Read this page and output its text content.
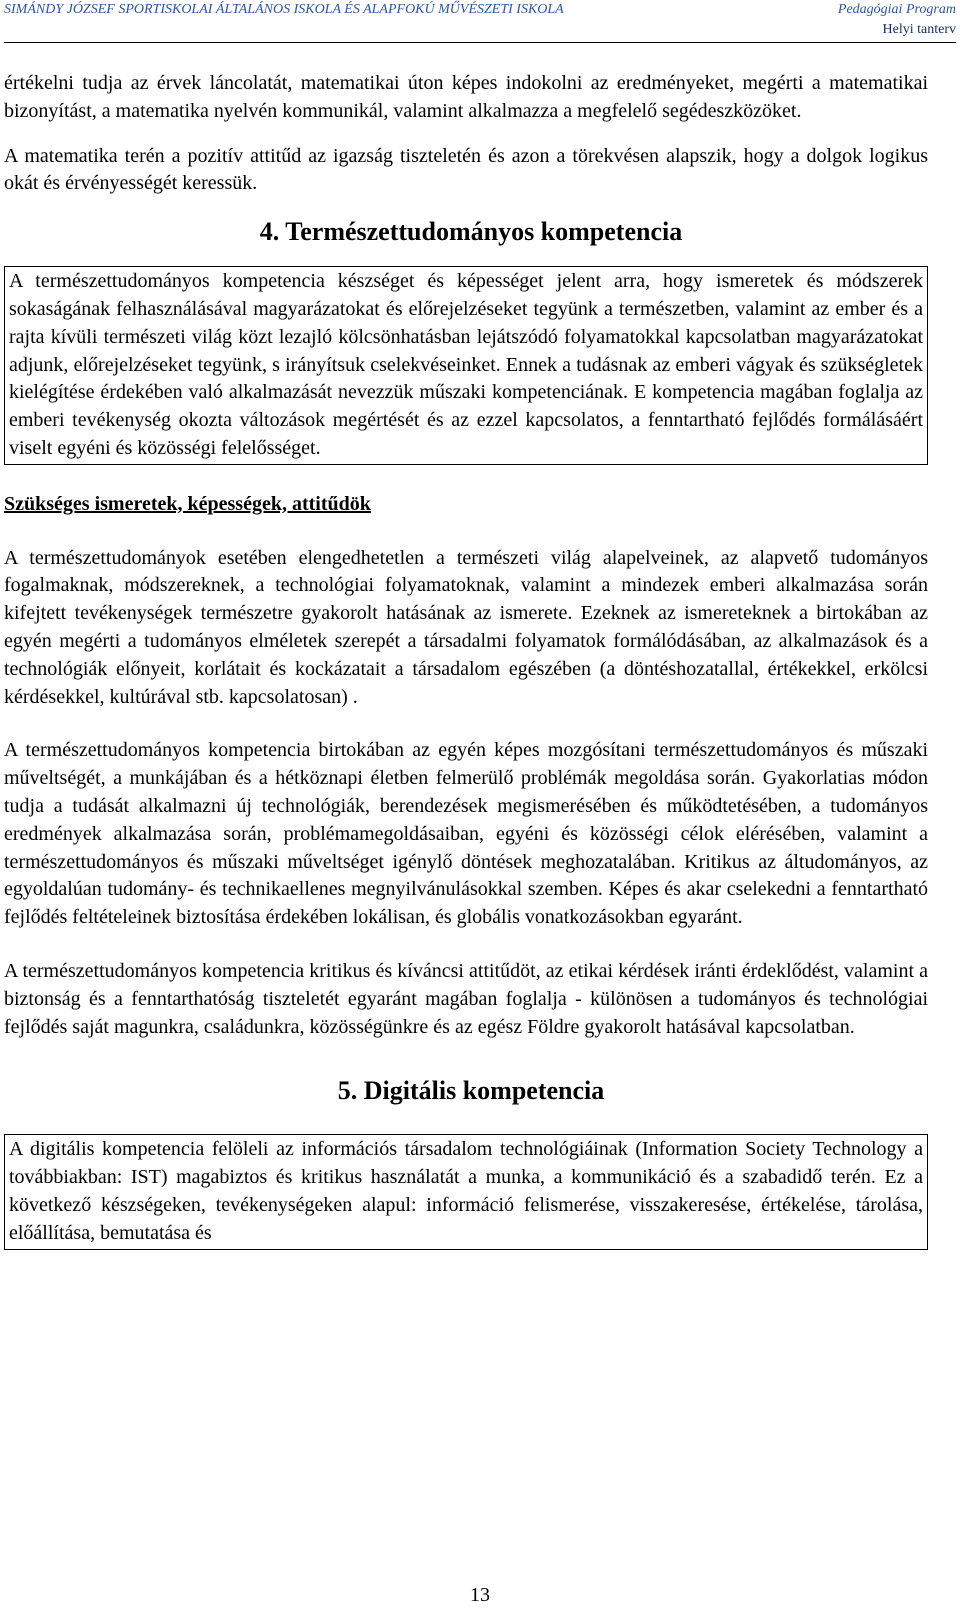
SIMÁNDY JÓZSEF SPORTISKOLAI ÁLTALÁNOS ISKOLA ÉS ALAPFOKÚ MŰVÉSZETI ISKOLA	Pedagógiai Program
Helyi tanterv

értékelni tudja az érvek láncolatát, matematikai úton képes indokolni az eredményeket, megérti a matematikai bizonyítást, a matematika nyelvén kommunikál, valamint alkalmazza a megfelelő segédeszközöket.

A matematika terén a pozitív attitűd az igazság tiszteletén és azon a törekvésen alapszik, hogy a dolgok logikus okát és érvényességét keressük.

4. Természettudományos kompetencia

A természettudományos kompetencia készséget és képességet jelent arra, hogy ismeretek és módszerek sokaságának felhasználásával magyarázatokat és előrejelzéseket tegyünk a természetben, valamint az ember és a rajta kívüli természeti világ közt lezajló kölcsönhatásban lejátszódó folyamatokkal kapcsolatban magyarázatokat adjunk, előrejelzéseket tegyünk, s irányítsuk cselekvéseinket. Ennek a tudásnak az emberi vágyak és szükségletek kielégítése érdekében való alkalmazását nevezzük műszaki kompetenciának. E kompetencia magában foglalja az emberi tevékenység okozta változások megértését és az ezzel kapcsolatos, a fenntartható fejlődés formálásáért viselt egyéni és közösségi felelősséget.

Szükséges ismeretek, képességek, attitűdök

A természettudományok esetében elengedhetetlen a természeti világ alapelveinek, az alapvető tudományos fogalmaknak, módszereknek, a technológiai folyamatoknak, valamint a mindezek emberi alkalmazása során kifejtett tevékenységek természetre gyakorolt hatásának az ismerete. Ezeknek az ismereteknek a birtokában az egyén megérti a tudományos elméletek szerepét a társadalmi folyamatok formálódásában, az alkalmazások és a technológiák előnyeit, korlátait és kockázatait a társadalom egészében (a döntéshozatallal, értékekkel, erkölcsi kérdésekkel, kultúrával stb. kapcsolatosan) .

A természettudományos kompetencia birtokában az egyén képes mozgósítani természettudományos és műszaki műveltségét, a munkájában és a hétköznapi életben felmerülő problémák megoldása során. Gyakorlatias módon tudja a tudását alkalmazni új technológiák, berendezések megismerésében és működtetésében, a tudományos eredmények alkalmazása során, problémamegoldásaiban, egyéni és közösségi célok elérésében, valamint a természettudományos és műszaki műveltséget igénylő döntések meghozatalában. Kritikus az áltudományos, az egyoldalúan tudomány- és technikaellenes megnyilvánulásokkal szemben. Képes és akar cselekedni a fenntartható fejlődés feltételeinek biztosítása érdekében lokálisan, és globális vonatkozásokban egyaránt.

A természettudományos kompetencia kritikus és kíváncsi attitűdöt, az etikai kérdések iránti érdeklődést, valamint a biztonság és a fenntarthatóság tiszteletét egyaránt magában foglalja - különösen a tudományos és technológiai fejlődés saját magunkra, családunkra, közösségünkre és az egész Földre gyakorolt hatásával kapcsolatban.

5. Digitális kompetencia

A digitális kompetencia felöleli az információs társadalom technológiáinak (Information Society Technology a továbbiakban: IST) magabiztos és kritikus használatát a munka, a kommunikáció és a szabadidő terén. Ez a következő készségeken, tevékenységeken alapul: információ felismerése, visszakeresése, értékelése, tárolása, előállítása, bemutatása és

13
